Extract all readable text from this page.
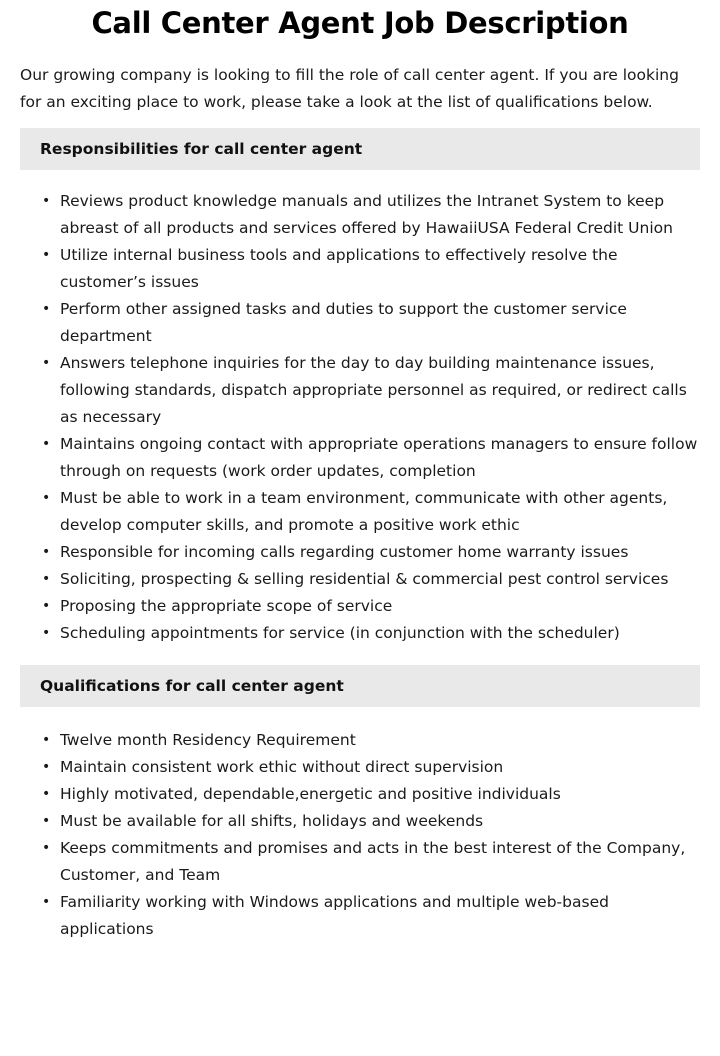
Call Center Agent Job Description

Our growing company is looking to fill the role of call center agent. If you are looking for an exciting place to work, please take a look at the list of qualifications below.

Responsibilities for call center agent
• Reviews product knowledge manuals and utilizes the Intranet System to keep abreast of all products and services offered by HawaiiUSA Federal Credit Union
• Utilize internal business tools and applications to effectively resolve the customer’s issues
• Perform other assigned tasks and duties to support the customer service department
• Answers telephone inquiries for the day to day building maintenance issues, following standards, dispatch appropriate personnel as required, or redirect calls as necessary
• Maintains ongoing contact with appropriate operations managers to ensure follow through on requests (work order updates, completion
• Must be able to work in a team environment, communicate with other agents, develop computer skills, and promote a positive work ethic
• Responsible for incoming calls regarding customer home warranty issues
• Soliciting, prospecting & selling residential & commercial pest control services
• Proposing the appropriate scope of service
• Scheduling appointments for service (in conjunction with the scheduler)
Qualifications for call center agent
• Twelve month Residency Requirement
• Maintain consistent work ethic without direct supervision
• Highly motivated, dependable,energetic and positive individuals
• Must be available for all shifts, holidays and weekends
• Keeps commitments and promises and acts in the best interest of the Company, Customer, and Team
• Familiarity working with Windows applications and multiple web-based applications
